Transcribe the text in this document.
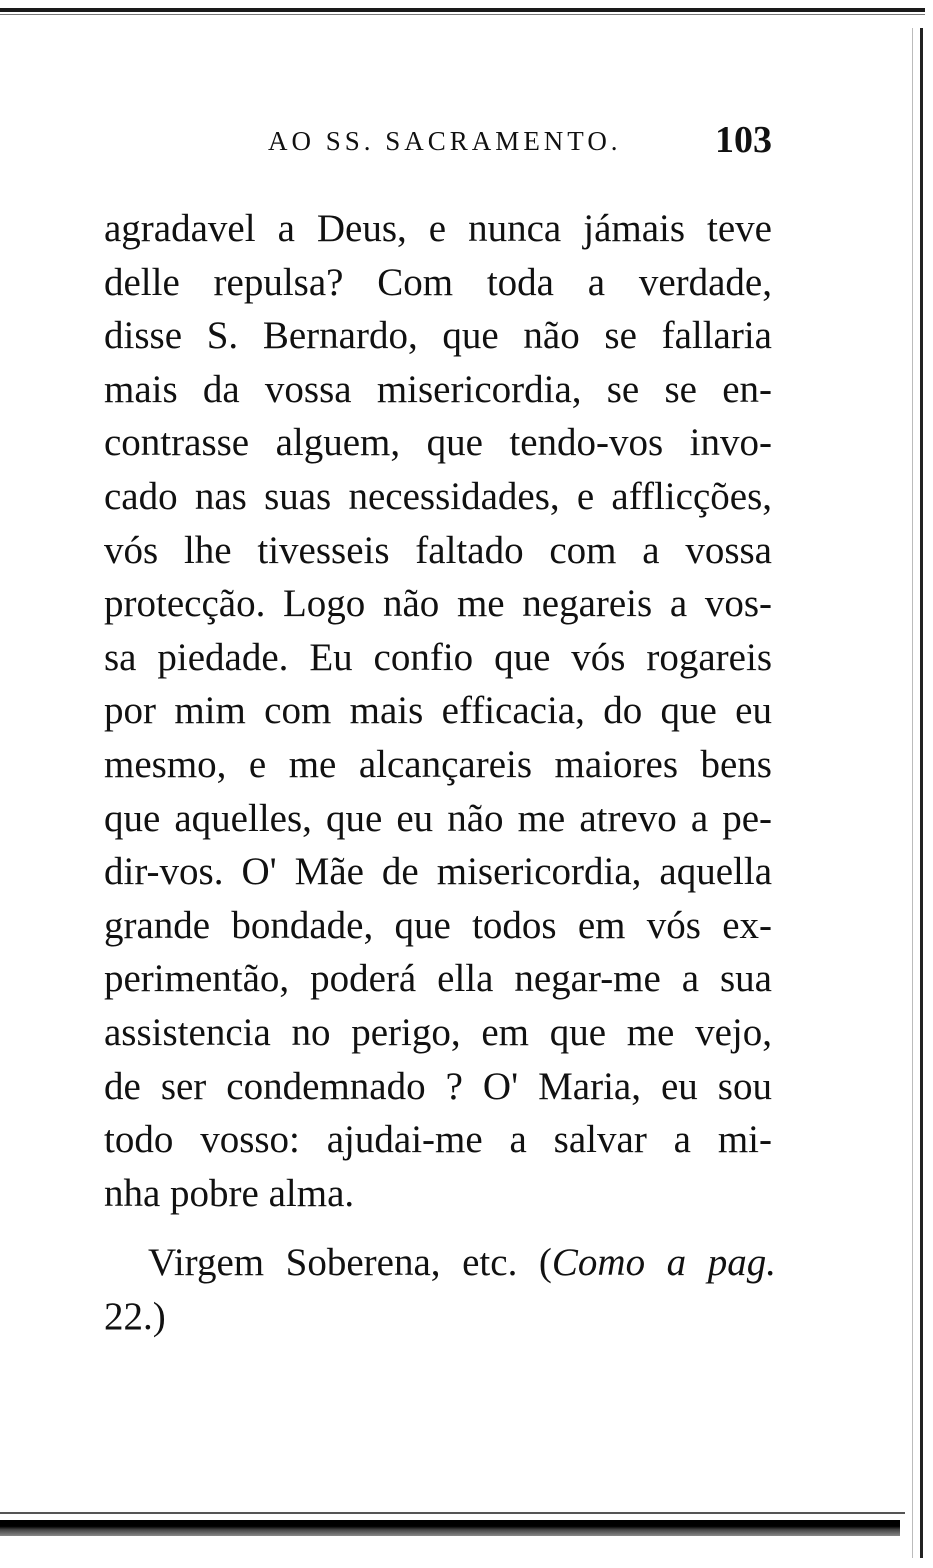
AO SS. SACRAMENTO. 103
agradavel a Deus, e nunca jámais teve
delle repulsa? Com toda a verdade,
disse S. Bernardo, que não se fallaria
mais da vossa misericordia, se se en-
contrasse alguem, que tendo-vos invo-
cado nas suas necessidades, e afflicções,
vós lhe tivesseis faltado com a vossa
protecção. Logo não me negareis a vos-
sa piedade. Eu confio que vós rogareis
por mim com mais efficacia, do que eu
mesmo, e me alcançareis maiores bens
que aquelles, que eu não me atrevo a pe-
dir-vos. O' Mãe de misericordia, aquella
grande bondade, que todos em vós ex-
perimentão, poderá ella negar-me a sua
assistencia no perigo, em que me vejo,
de ser condemnado ? O' Maria, eu sou
todo vosso: ajudai-me a salvar a mi-
nha pobre alma.
Virgem Soberena, etc. (Como a pag.
22.)
